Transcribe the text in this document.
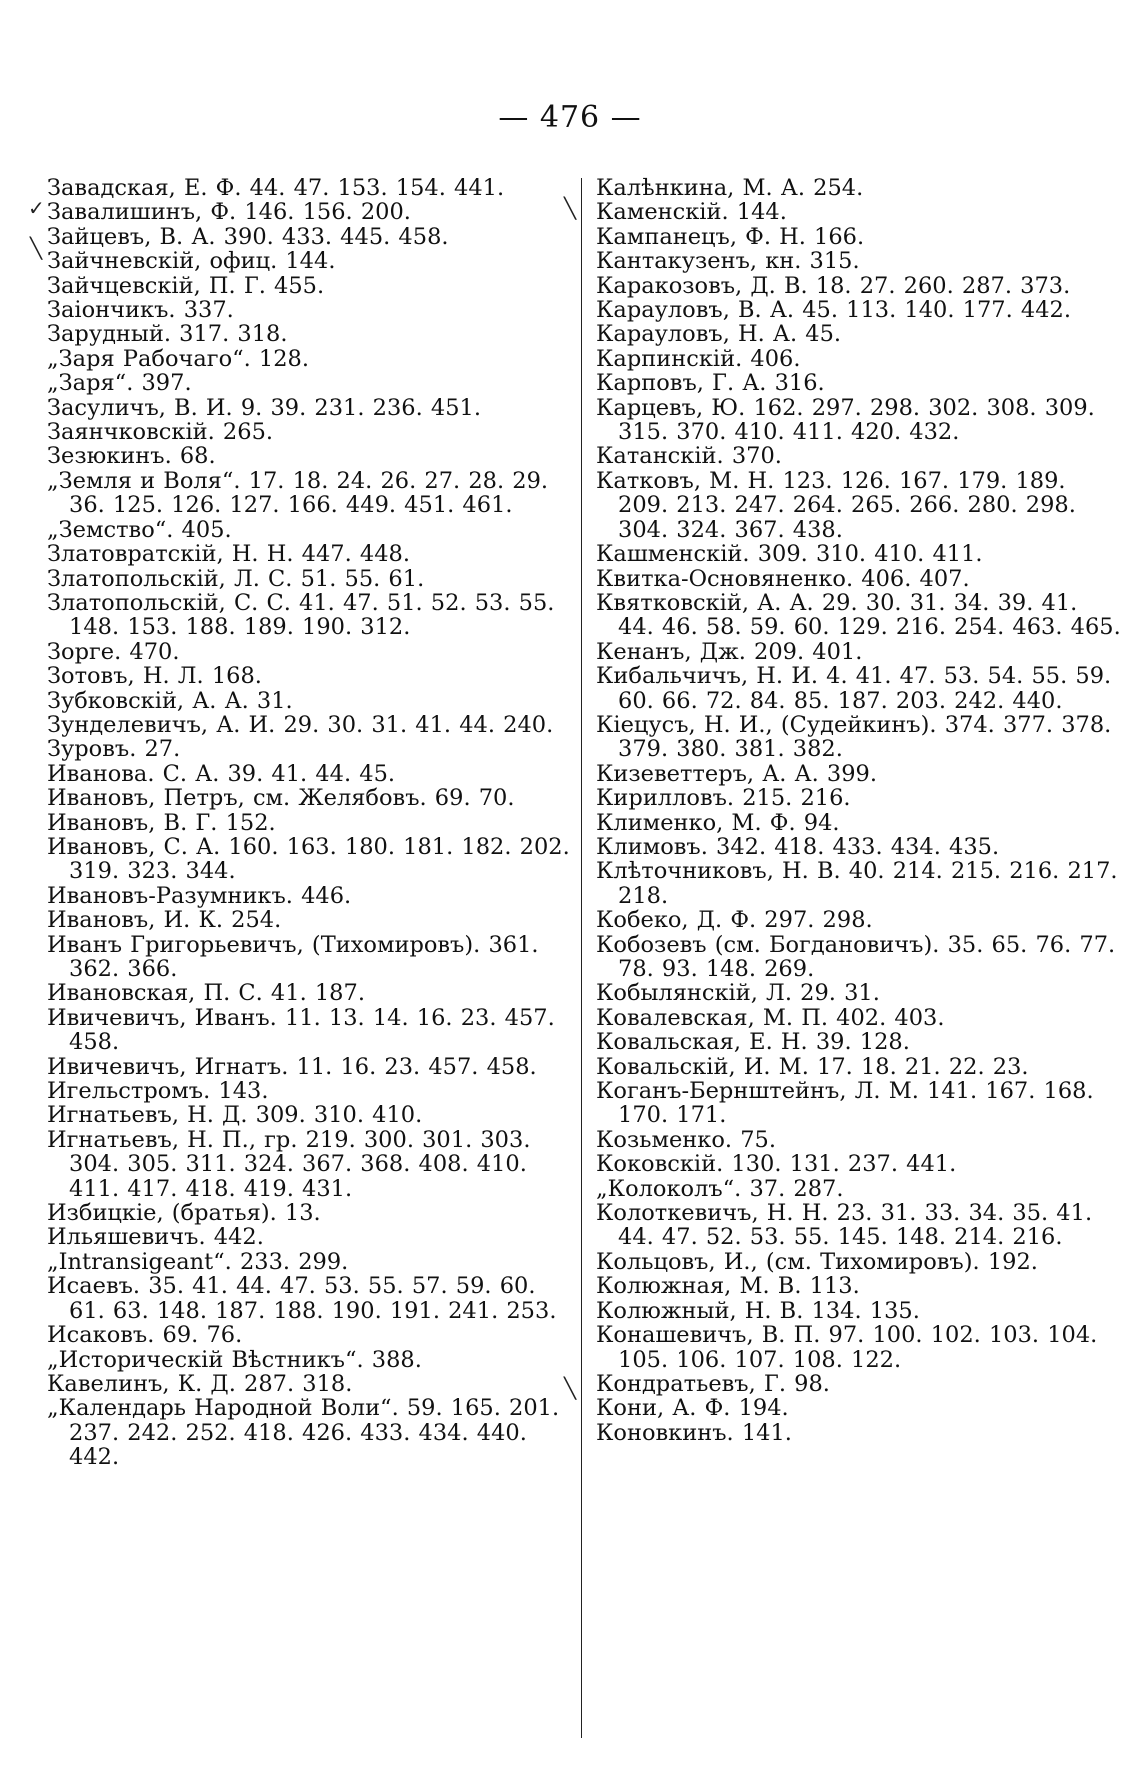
— 476 —
✓
╲
╲
╲
Завадская, Е. Ф. 44. 47. 153. 154. 441.
Завалишинъ, Ф. 146. 156. 200.
Зайцевъ, В. А. 390. 433. 445. 458.
Зайчневскій, офиц. 144.
Зайчцевскій, П. Г. 455.
Заіончикъ. 337.
Зарудный. 317. 318.
„Заря Рабочаго“. 128.
„Заря“. 397.
Засуличъ, В. И. 9. 39. 231. 236. 451.
Заянчковскій. 265.
Зезюкинъ. 68.
„Земля и Воля“. 17. 18. 24. 26. 27. 28. 29. 36. 125. 126. 127. 166. 449. 451. 461.
„Земство“. 405.
Златовратскій, Н. Н. 447. 448.
Златопольскій, Л. С. 51. 55. 61.
Златопольскій, С. С. 41. 47. 51. 52. 53. 55. 148. 153. 188. 189. 190. 312.
Зорге. 470.
Зотовъ, Н. Л. 168.
Зубковскій, А. А. 31.
Зунделевичъ, А. И. 29. 30. 31. 41. 44. 240.
Зуровъ. 27.
Иванова. С. А. 39. 41. 44. 45.
Ивановъ, Петръ, см. Желябовъ. 69. 70.
Ивановъ, В. Г. 152.
Ивановъ, С. А. 160. 163. 180. 181. 182. 202. 319. 323. 344.
Ивановъ-Разумникъ. 446.
Ивановъ, И. К. 254.
Иванъ Григорьевичъ, (Тихомировъ). 361. 362. 366.
Ивановская, П. С. 41. 187.
Ивичевичъ, Иванъ. 11. 13. 14. 16. 23. 457. 458.
Ивичевичъ, Игнатъ. 11. 16. 23. 457. 458.
Игельстромъ. 143.
Игнатьевъ, Н. Д. 309. 310. 410.
Игнатьевъ, Н. П., гр. 219. 300. 301. 303. 304. 305. 311. 324. 367. 368. 408. 410. 411. 417. 418. 419. 431.
Избицкіе, (братья). 13.
Ильяшевичъ. 442.
„Intransigeant“. 233. 299.
Исаевъ. 35. 41. 44. 47. 53. 55. 57. 59. 60. 61. 63. 148. 187. 188. 190. 191. 241. 253.
Исаковъ. 69. 76.
„Историческій Вѣстникъ“. 388.
Кавелинъ, К. Д. 287. 318.
„Календарь Народной Воли“. 59. 165. 201. 237. 242. 252. 418. 426. 433. 434. 440. 442.
Калѣнкина, М. А. 254.
Каменскій. 144.
Кампанецъ, Ф. Н. 166.
Кантакузенъ, кн. 315.
Каракозовъ, Д. В. 18. 27. 260. 287. 373.
Карауловъ, В. А. 45. 113. 140. 177. 442.
Карауловъ, Н. А. 45.
Карпинскій. 406.
Карповъ, Г. А. 316.
Карцевъ, Ю. 162. 297. 298. 302. 308. 309. 315. 370. 410. 411. 420. 432.
Катанскій. 370.
Катковъ, М. Н. 123. 126. 167. 179. 189. 209. 213. 247. 264. 265. 266. 280. 298. 304. 324. 367. 438.
Кашменскій. 309. 310. 410. 411.
Квитка-Основяненко. 406. 407.
Квятковскій, А. А. 29. 30. 31. 34. 39. 41. 44. 46. 58. 59. 60. 129. 216. 254. 463. 465.
Кенанъ, Дж. 209. 401.
Кибальчичъ, Н. И. 4. 41. 47. 53. 54. 55. 59. 60. 66. 72. 84. 85. 187. 203. 242. 440.
Кіецусъ, Н. И., (Судейкинъ). 374. 377. 378. 379. 380. 381. 382.
Кизеветтеръ, А. А. 399.
Кирилловъ. 215. 216.
Клименко, М. Ф. 94.
Климовъ. 342. 418. 433. 434. 435.
Клѣточниковъ, Н. В. 40. 214. 215. 216. 217. 218.
Кобеко, Д. Ф. 297. 298.
Кобозевъ (см. Богдановичъ). 35. 65. 76. 77. 78. 93. 148. 269.
Кобылянскій, Л. 29. 31.
Ковалевская, М. П. 402. 403.
Ковальская, Е. Н. 39. 128.
Ковальскій, И. М. 17. 18. 21. 22. 23.
Коганъ-Бернштейнъ, Л. М. 141. 167. 168. 170. 171.
Козьменко. 75.
Коковскій. 130. 131. 237. 441.
„Колоколъ“. 37. 287.
Колоткевичъ, Н. Н. 23. 31. 33. 34. 35. 41. 44. 47. 52. 53. 55. 145. 148. 214. 216.
Кольцовъ, И., (см. Тихомировъ). 192.
Колюжная, М. В. 113.
Колюжный, Н. В. 134. 135.
Конашевичъ, В. П. 97. 100. 102. 103. 104. 105. 106. 107. 108. 122.
Кондратьевъ, Г. 98.
Кони, А. Ф. 194.
Коновкинъ. 141.
